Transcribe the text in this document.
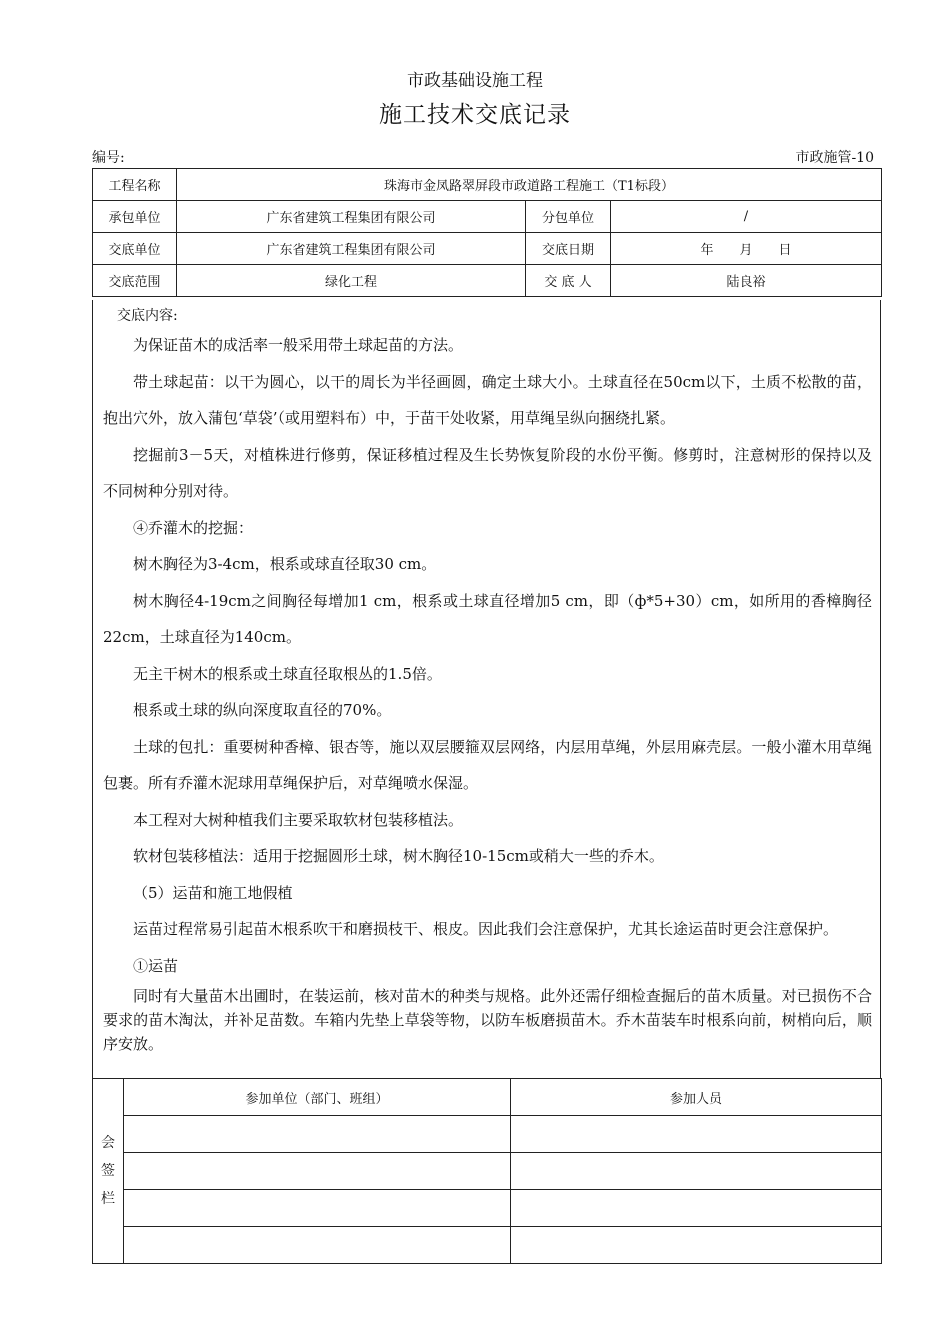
市政基础设施工程
施工技术交底记录
编号:	市政施管-10
工程名称	珠海市金凤路翠屏段市政道路工程施工（T1标段）		
承包单位	广东省建筑工程集团有限公司	分包单位	/
交底单位	广东省建筑工程集团有限公司	交底日期	年　　月　　日
交底范围	绿化工程	交 底 人	陆良裕
交底内容:

为保证苗木的成活率一般采用带土球起苗的方法。

带土球起苗：以干为圆心，以干的周长为半径画圆，确定土球大小。土球直径在50cm以下，土质不松散的苗，抱出穴外，放入蒲包‘草袋’（或用塑料布）中，于苗干处收紧，用草绳呈纵向捆绕扎紧。

挖掘前3－5天，对植株进行修剪，保证移植过程及生长势恢复阶段的水份平衡。修剪时，注意树形的保持以及不同树种分别对待。

④乔灌木的挖掘：

树木胸径为3-4cm，根系或球直径取30 cm。

树木胸径4-19cm之间胸径每增加1 cm，根系或土球直径增加5 cm，即（ф*5+30）cm，如所用的香樟胸径22cm，土球直径为140cm。

无主干树木的根系或土球直径取根丛的1.5倍。

根系或土球的纵向深度取直径的70%。

土球的包扎：重要树种香樟、银杏等，施以双层腰箍双层网络，内层用草绳，外层用麻壳层。一般小灌木用草绳包裹。所有乔灌木泥球用草绳保护后，对草绳喷水保湿。

本工程对大树种植我们主要采取软材包装移植法。

软材包装移植法：适用于挖掘圆形土球，树木胸径10-15cm或稍大一些的乔木。

（5）运苗和施工地假植

运苗过程常易引起苗木根系吹干和磨损枝干、根皮。因此我们会注意保护，尤其长途运苗时更会注意保护。

①运苗

同时有大量苗木出圃时，在装运前，核对苗木的种类与规格。此外还需仔细检查掘后的苗木质量。对已损伤不合要求的苗木淘汰，并补足苗数。车箱内先垫上草袋等物，以防车板磨损苗木。乔木苗装车时根系向前，树梢向后，顺序安放。

会
签
栏	参加单位（部门、班组）	参加人员
